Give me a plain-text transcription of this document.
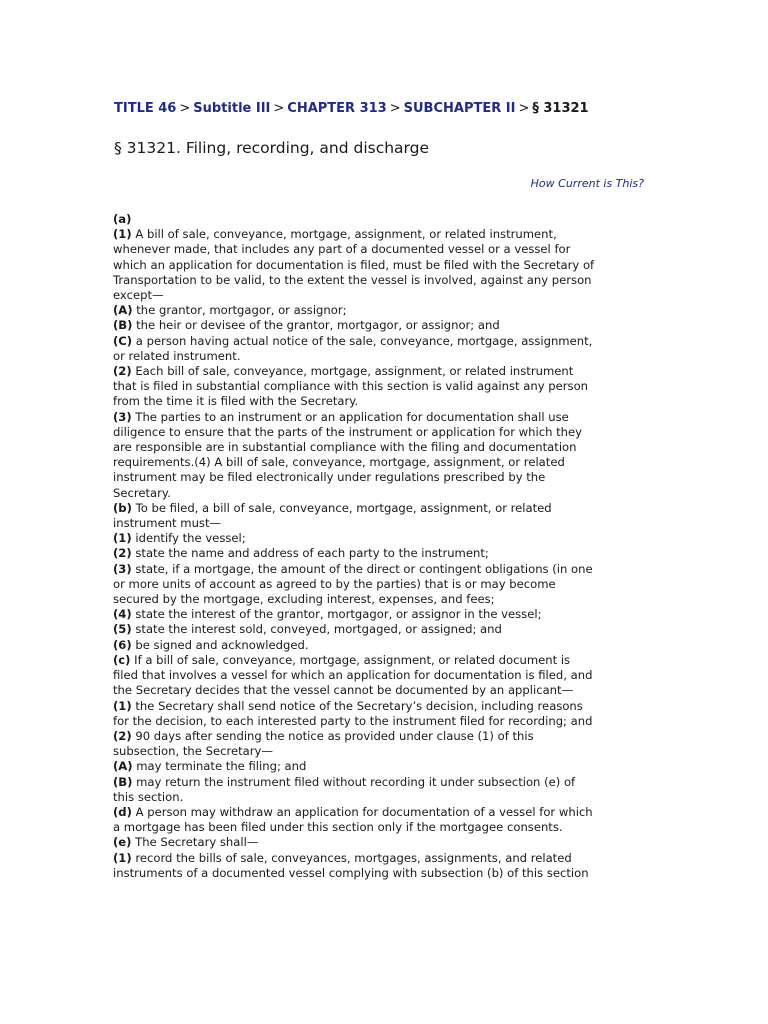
TITLE 46 > Subtitle III > CHAPTER 313 > SUBCHAPTER II > § 31321
§ 31321. Filing, recording, and discharge
How Current is This?
(a)
(1) A bill of sale, conveyance, mortgage, assignment, or related instrument,
whenever made, that includes any part of a documented vessel or a vessel for
which an application for documentation is filed, must be filed with the Secretary of
Transportation to be valid, to the extent the vessel is involved, against any person
except—
(A) the grantor, mortgagor, or assignor;
(B) the heir or devisee of the grantor, mortgagor, or assignor; and
(C) a person having actual notice of the sale, conveyance, mortgage, assignment,
or related instrument.
(2) Each bill of sale, conveyance, mortgage, assignment, or related instrument
that is filed in substantial compliance with this section is valid against any person
from the time it is filed with the Secretary.
(3) The parties to an instrument or an application for documentation shall use
diligence to ensure that the parts of the instrument or application for which they
are responsible are in substantial compliance with the filing and documentation
requirements.(4) A bill of sale, conveyance, mortgage, assignment, or related
instrument may be filed electronically under regulations prescribed by the
Secretary.
(b) To be filed, a bill of sale, conveyance, mortgage, assignment, or related
instrument must—
(1) identify the vessel;
(2) state the name and address of each party to the instrument;
(3) state, if a mortgage, the amount of the direct or contingent obligations (in one
or more units of account as agreed to by the parties) that is or may become
secured by the mortgage, excluding interest, expenses, and fees;
(4) state the interest of the grantor, mortgagor, or assignor in the vessel;
(5) state the interest sold, conveyed, mortgaged, or assigned; and
(6) be signed and acknowledged.
(c) If a bill of sale, conveyance, mortgage, assignment, or related document is
filed that involves a vessel for which an application for documentation is filed, and
the Secretary decides that the vessel cannot be documented by an applicant—
(1) the Secretary shall send notice of the Secretary’s decision, including reasons
for the decision, to each interested party to the instrument filed for recording; and
(2) 90 days after sending the notice as provided under clause (1) of this
subsection, the Secretary—
(A) may terminate the filing; and
(B) may return the instrument filed without recording it under subsection (e) of
this section.
(d) A person may withdraw an application for documentation of a vessel for which
a mortgage has been filed under this section only if the mortgagee consents.
(e) The Secretary shall—
(1) record the bills of sale, conveyances, mortgages, assignments, and related
instruments of a documented vessel complying with subsection (b) of this section
